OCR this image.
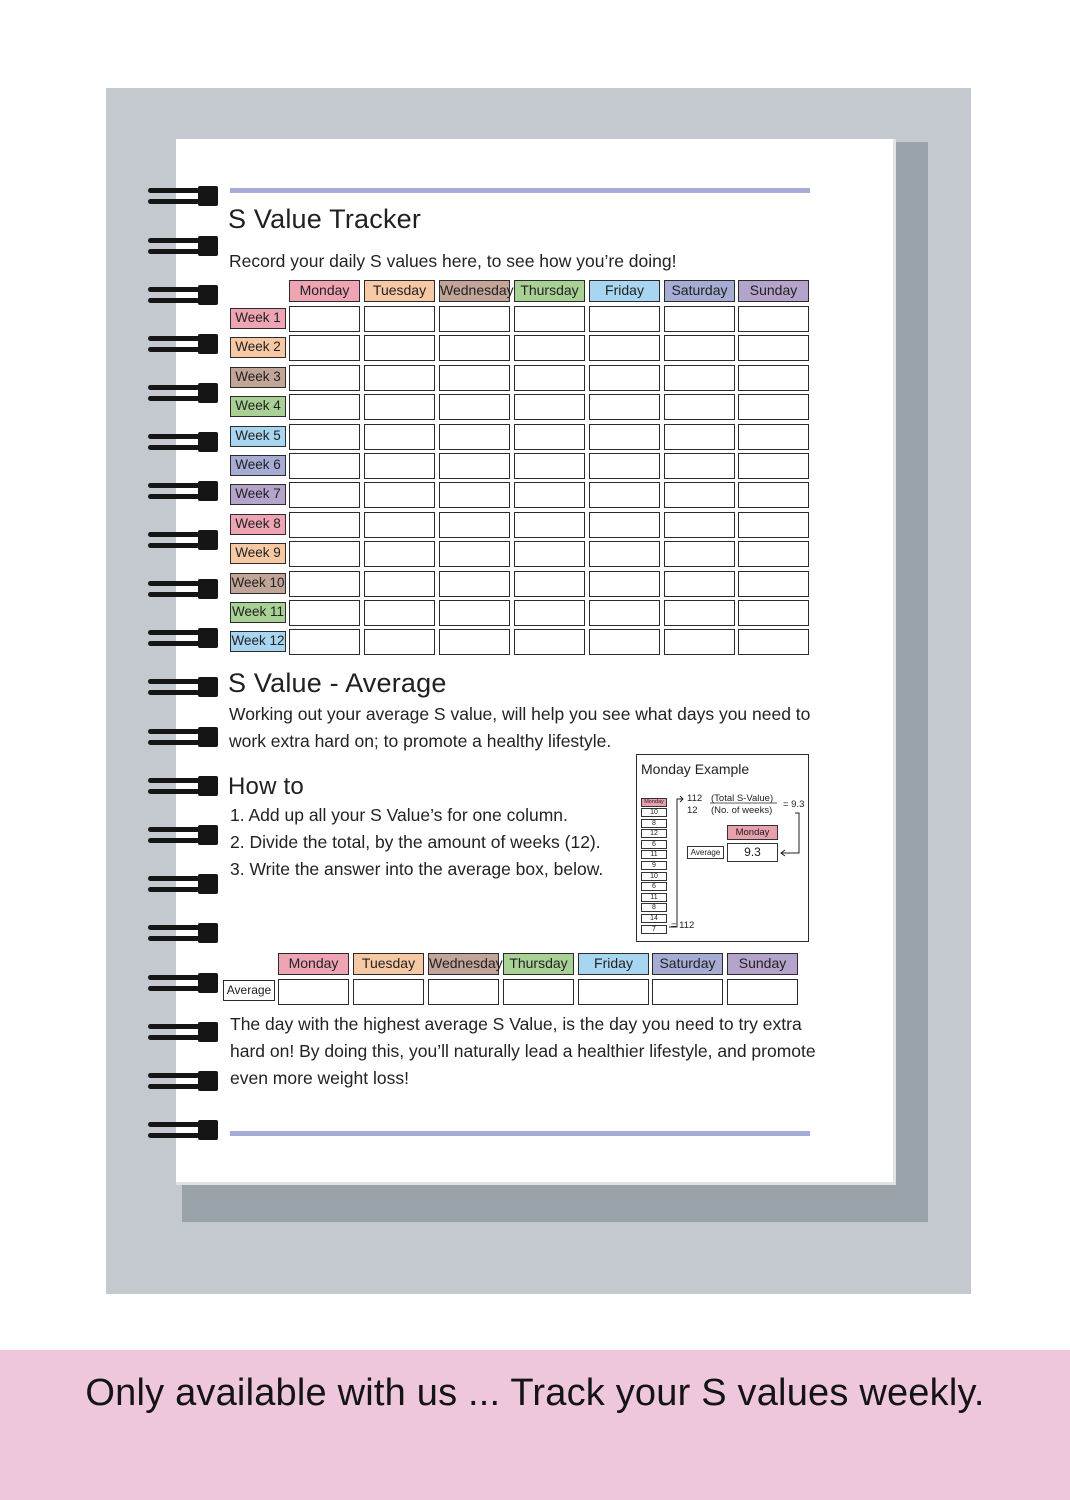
S Value Tracker
Record your daily S values here, to see how you’re doing!
Monday	Tuesday Wednesday Thursday	Friday	Saturday	Sunday
Week 1
Week 2
Week 3
Week 4
Week 5
Week 6
Week 7
Week 8
Week 9
Week 10
Week 11
Week 12
S Value - Average
Working out your average S value, will help you see what days you need to
work extra hard on; to promote a healthy lifestyle.
How to
1. Add up all your S Value’s for one column.
2. Divide the total, by the amount of weeks (12).
3. Write the answer into the average box, below.
Monday Example
Monday
10
8
12
6
11
9
10
6
11
8
14
7	= 112
112
12
(Total S-Value)
(No. of weeks)
= 9.3
Monday
Average	9.3
Monday	Tuesday Wednesday Thursday	Friday	Saturday	Sunday
Average
The day with the highest average S Value, is the day you need to try extra
hard on! By doing this, you’ll naturally lead a healthier lifestyle, and promote
even more weight loss!
Only available with us ... Track your S values weekly.
